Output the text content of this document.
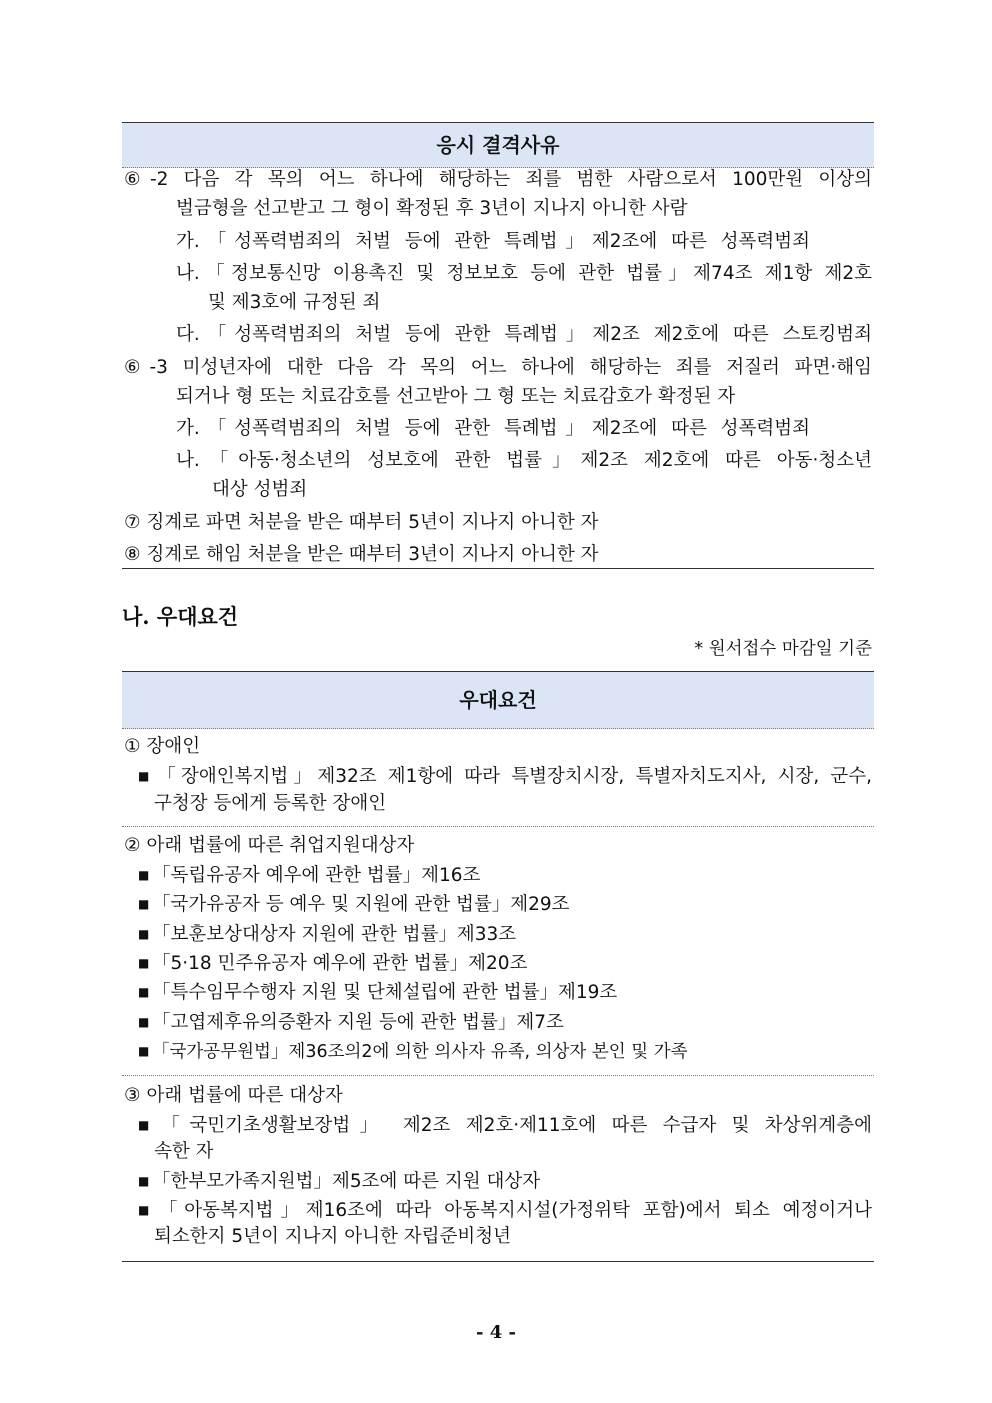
응시 결격사유
⑥-2 다음 각 목의 어느 하나에 해당하는 죄를 범한 사람으로서 100만원 이상의
벌금형을 선고받고 그 형이 확정된 후 3년이 지나지 아니한 사람
가.「성폭력범죄의 처벌 등에 관한 특례법」제2조에 따른 성폭력범죄
나.「정보통신망 이용촉진 및 정보보호 등에 관한 법률」제74조 제1항 제2호
및 제3호에 규정된 죄
다.「성폭력범죄의 처벌 등에 관한 특례법」제2조 제2호에 따른 스토킹범죄
⑥-3 미성년자에 대한 다음 각 목의 어느 하나에 해당하는 죄를 저질러 파면·해임
되거나 형 또는 치료감호를 선고받아 그 형 또는 치료감호가 확정된 자
가.「성폭력범죄의 처벌 등에 관한 특례법」제2조에 따른 성폭력범죄
나.「아동·청소년의 성보호에 관한 법률」제2조 제2호에 따른 아동·청소년
대상 성범죄
⑦ 징계로 파면 처분을 받은 때부터 5년이 지나지 아니한 자
⑧ 징계로 해임 처분을 받은 때부터 3년이 지나지 아니한 자
나. 우대요건
* 원서접수 마감일 기준
우대요건
① 장애인
■ 「장애인복지법」제32조 제1항에 따라 특별장치시장, 특별자치도지사, 시장, 군수,
구청장 등에게 등록한 장애인
② 아래 법률에 따른 취업지원대상자
■ 「독립유공자 예우에 관한 법률」제16조
■ 「국가유공자 등 예우 및 지원에 관한 법률」제29조
■ 「보훈보상대상자 지원에 관한 법률」제33조
■ 「5·18 민주유공자 예우에 관한 법률」제20조
■ 「특수임무수행자 지원 및 단체설립에 관한 법률」제19조
■ 「고엽제후유의증환자 지원 등에 관한 법률」제7조
■ 「국가공무원법」제36조의2에 의한 의사자 유족, 의상자 본인 및 가족
③ 아래 법률에 따른 대상자
■ 「국민기초생활보장법」 제2조 제2호·제11호에 따른 수급자 및 차상위계층에
속한 자
■ 「한부모가족지원법」제5조에 따른 지원 대상자
■ 「아동복지법」제16조에 따라 아동복지시설(가정위탁 포함)에서 퇴소 예정이거나
퇴소한지 5년이 지나지 아니한 자립준비청년
- 4 -
